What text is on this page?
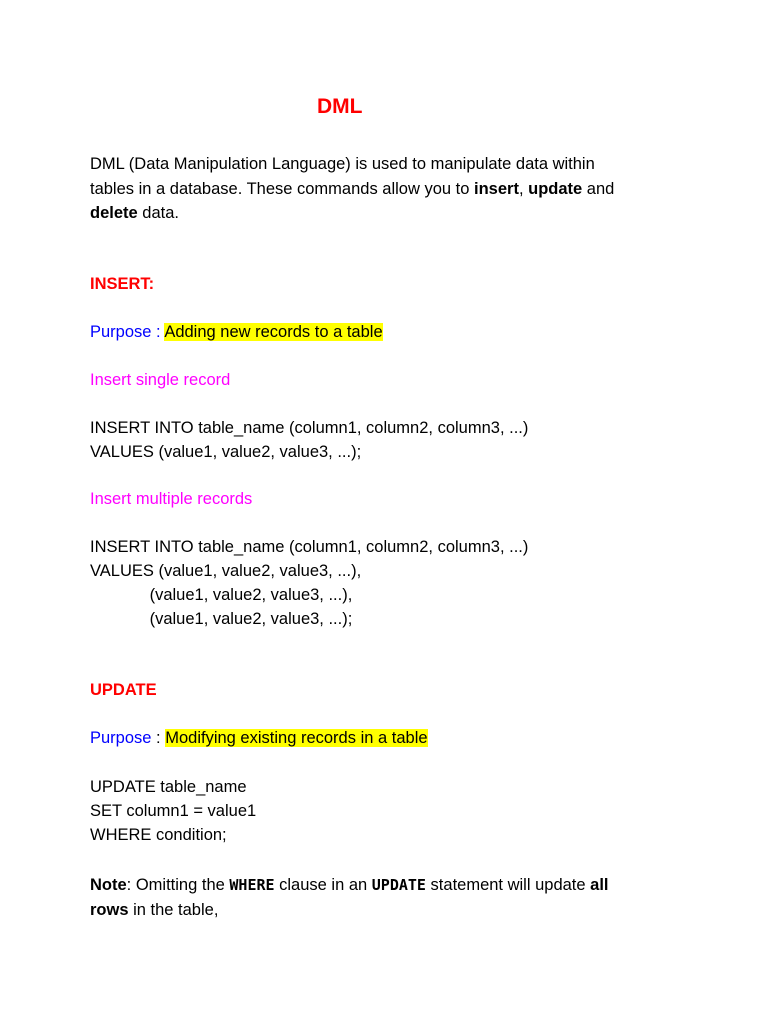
DML
DML (Data Manipulation Language) is used to manipulate data within
tables in a database. These commands allow you to insert, update and
delete data.
INSERT:
Purpose : Adding new records to a table
Insert single record
INSERT INTO table_name (column1, column2, column3, ...)
VALUES (value1, value2, value3, ...);
Insert multiple records
INSERT INTO table_name (column1, column2, column3, ...)
VALUES (value1, value2, value3, ...),
(value1, value2, value3, ...),
(value1, value2, value3, ...);
UPDATE
Purpose : Modifying existing records in a table
UPDATE table_name
SET column1 = value1
WHERE condition;
Note: Omitting the WHERE clause in an UPDATE statement will update all
rows in the table,
